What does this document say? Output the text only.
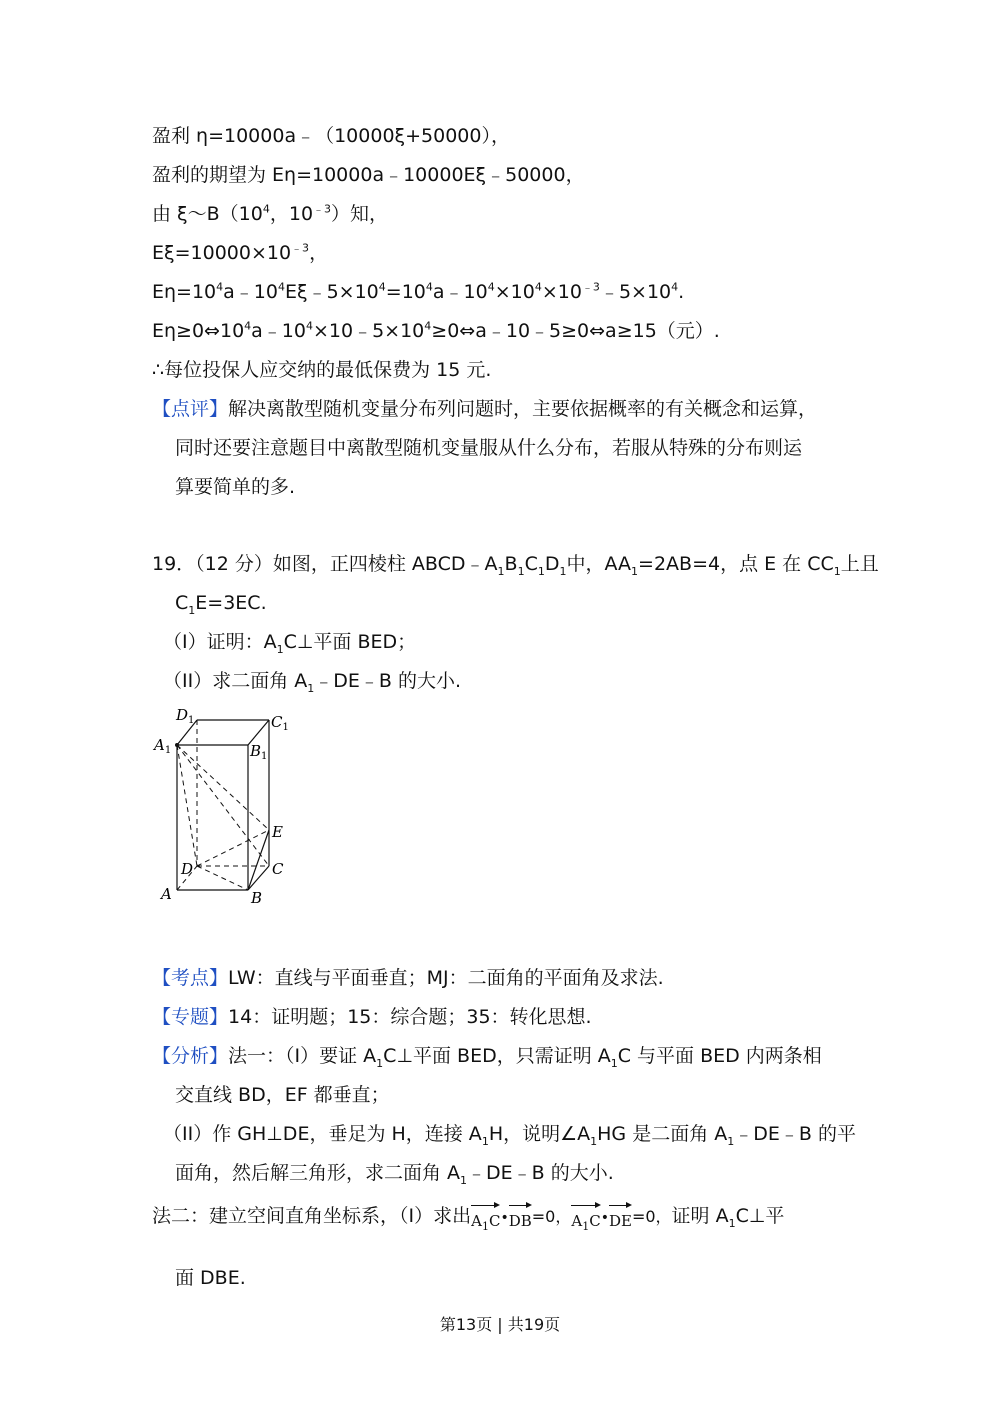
盈利 η=10000a﹣（10000ξ+50000），
盈利的期望为 Eη=10000a﹣10000Eξ﹣50000，
由 $\xi\sim B(10^4$，$10^{﹣3}$）知，
$E\xi=10000\times 10^{﹣3}$，
$E\eta=10^4a﹣10^4E\xi﹣5\times 10^4=10^4a﹣10^4\times 10^4\times 10^{﹣3}﹣5\times 10^4$.
$E\eta\ge 0\Leftrightarrow 10^4a﹣10^4\times 10﹣5\times 10^4\ge 0\Leftrightarrow a﹣10﹣5\ge 0\Leftrightarrow a\ge 15$（元）.
∴每位投保人应交纳的最低保费为 15 元.
【点评】解决离散型随机变量分布列问题时，主要依据概率的有关概念和运算，
同时还要注意题目中离散型随机变量服从什么分布，若服从特殊的分布则运
算要简单的多.
19．（12 分）如图，正四棱柱 $ABCD﹣A_1B_1C_1D_1$中，$AA_1=2AB=4$，点 E 在 $CC_1$上且
$C_1E=3EC$.
（I）证明：$A_1C\perp$平面 BED；
（II）求二面角 $A_1﹣DE﹣B$ 的大小.
$D_1$	$C_1$
$A_1$	$B_1$
E
D	C
A	B
【考点】LW：直线与平面垂直；MJ：二面角的平面角及求法.
【专题】14：证明题；15：综合题；35：转化思想.
【分析】法一：（I）要证 $A_1C\perp$平面 BED，只需证明 $A_1C$ 与平面 BED 内两条相
交直线 BD，EF 都垂直；
（II）作 GH⊥DE，垂足为 H，连接 $A_1H$，说明$\angle A_1HG$ 是二面角 $A_1﹣DE﹣B$ 的平
面角，然后解三角形，求二面角 $A_1﹣DE﹣B$ 的大小.
法二：建立空间直角坐标系，（I）求出$A_1C•DB=0$，$A_1C•DE=0$，证明 $A_1C\perp$平
面 DBE.
第13页 | 共19页
